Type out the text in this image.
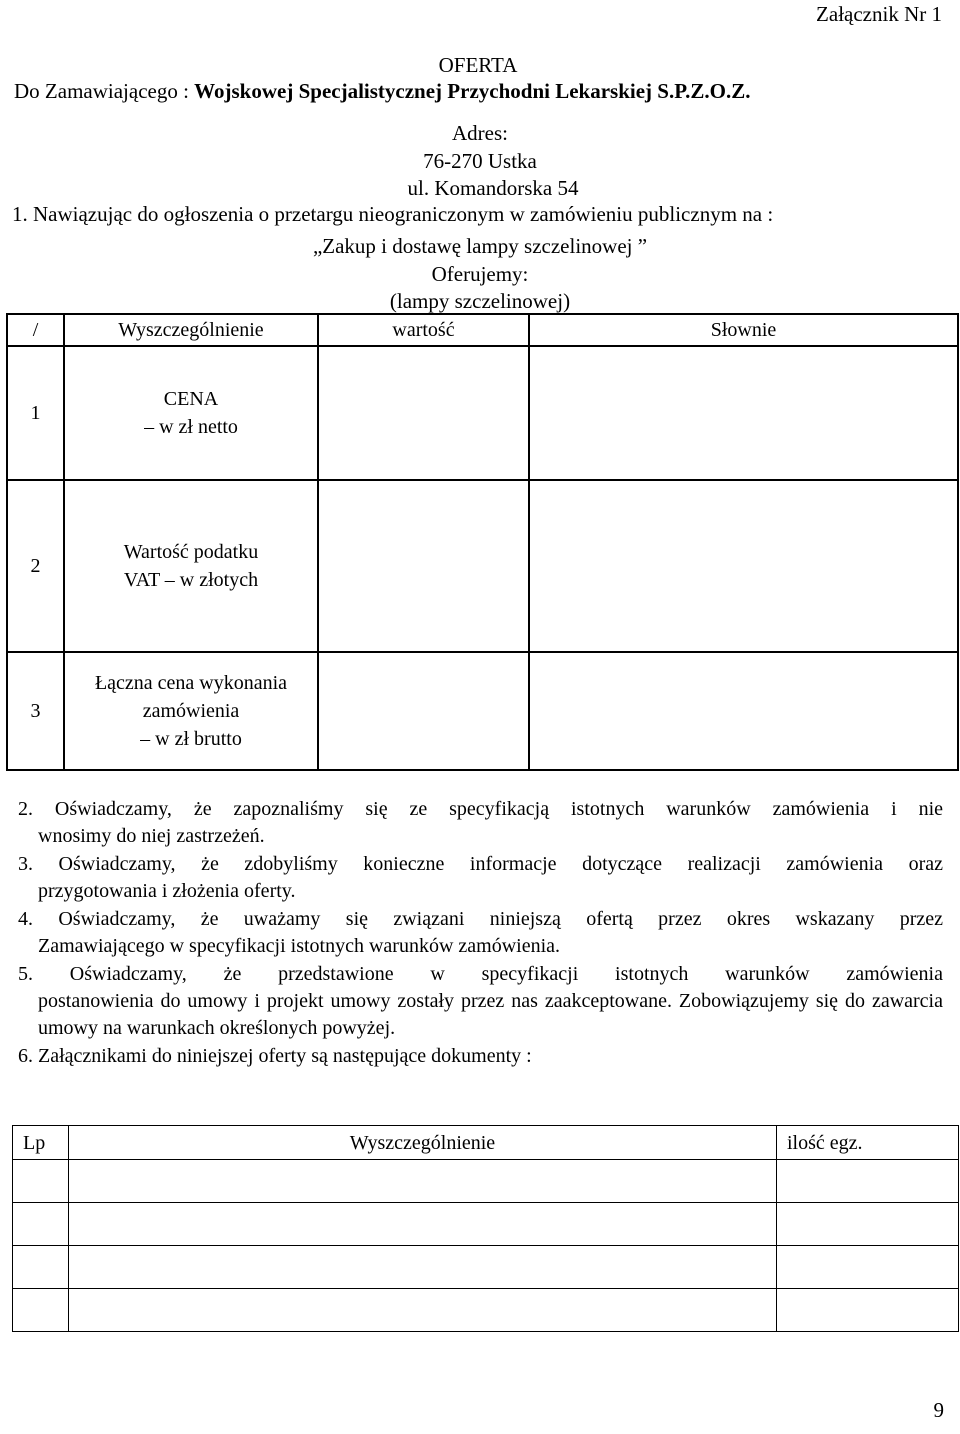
Załącznik Nr 1
OFERTA
Do Zamawiającego : Wojskowej Specjalistycznej Przychodni Lekarskiej S.P.Z.O.Z.
Adres:
76-270 Ustka
ul. Komandorska 54
1. Nawiązując do ogłoszenia o przetargu nieograniczonym w zamówieniu publicznym na :
„Zakup i dostawę lampy szczelinowej ”
Oferujemy:
(lampy szczelinowej)
/	Wyszczególnienie	wartość	Słownie
1	CENA
– w zł netto		

2	Wartość podatku
VAT – w złotych		

3	Łączna cena wykonania
zamówienia
– w zł brutto		

2. Oświadczamy, że zapoznaliśmy się ze specyfikacją istotnych warunków zamówienia i nie
wnosimy do niej zastrzeżeń.
3. Oświadczamy, że zdobyliśmy konieczne informacje dotyczące realizacji zamówienia oraz
przygotowania i złożenia oferty.
4. Oświadczamy, że uważamy się związani niniejszą ofertą przez okres wskazany przez
Zamawiającego w specyfikacji istotnych warunków zamówienia.
5. Oświadczamy, że przedstawione w specyfikacji istotnych warunków zamówienia
postanowienia do umowy i projekt umowy zostały przez nas zaakceptowane. Zobowiązujemy się do zawarcia umowy na warunkach określonych powyżej.
6. Załącznikami do niniejszej oferty są następujące dokumenty :
Lp	Wyszczególnienie	ilość egz.

9
